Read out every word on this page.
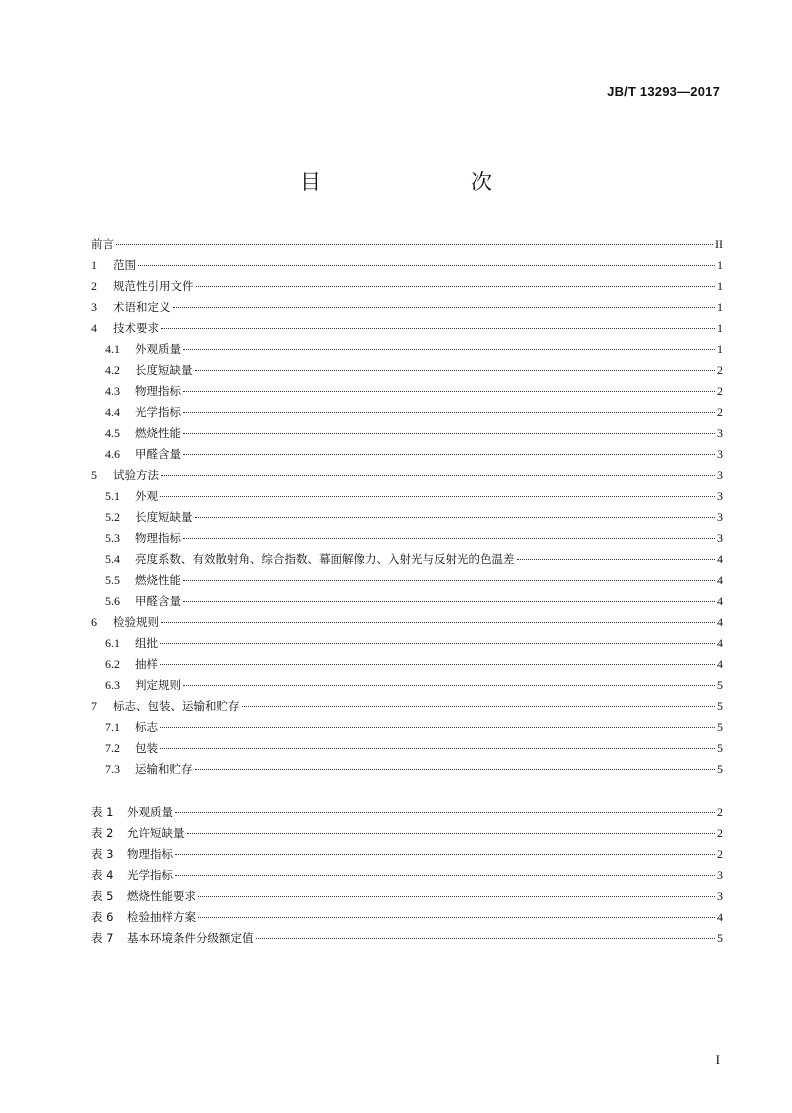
JB/T 13293—2017
目　　次
前言	II
1	范围	1
2	规范性引用文件	1
3	术语和定义	1
4	技术要求	1
4.1	外观质量	1
4.2	长度短缺量	2
4.3	物理指标	2
4.4	光学指标	2
4.5	燃烧性能	3
4.6	甲醛含量	3
5	试验方法	3
5.1	外观	3
5.2	长度短缺量	3
5.3	物理指标	3
5.4	亮度系数、有效散射角、综合指数、幕面解像力、入射光与反射光的色温差	4
5.5	燃烧性能	4
5.6	甲醛含量	4
6	检验规则	4
6.1	组批	4
6.2	抽样	4
6.3	判定规则	5
7	标志、包装、运输和贮存	5
7.1	标志	5
7.2	包装	5
7.3	运输和贮存	5
表 1	外观质量	2
表 2	允许短缺量	2
表 3	物理指标	2
表 4	光学指标	3
表 5	燃烧性能要求	3
表 6	检验抽样方案	4
表 7	基本环境条件分级额定值	5
I
